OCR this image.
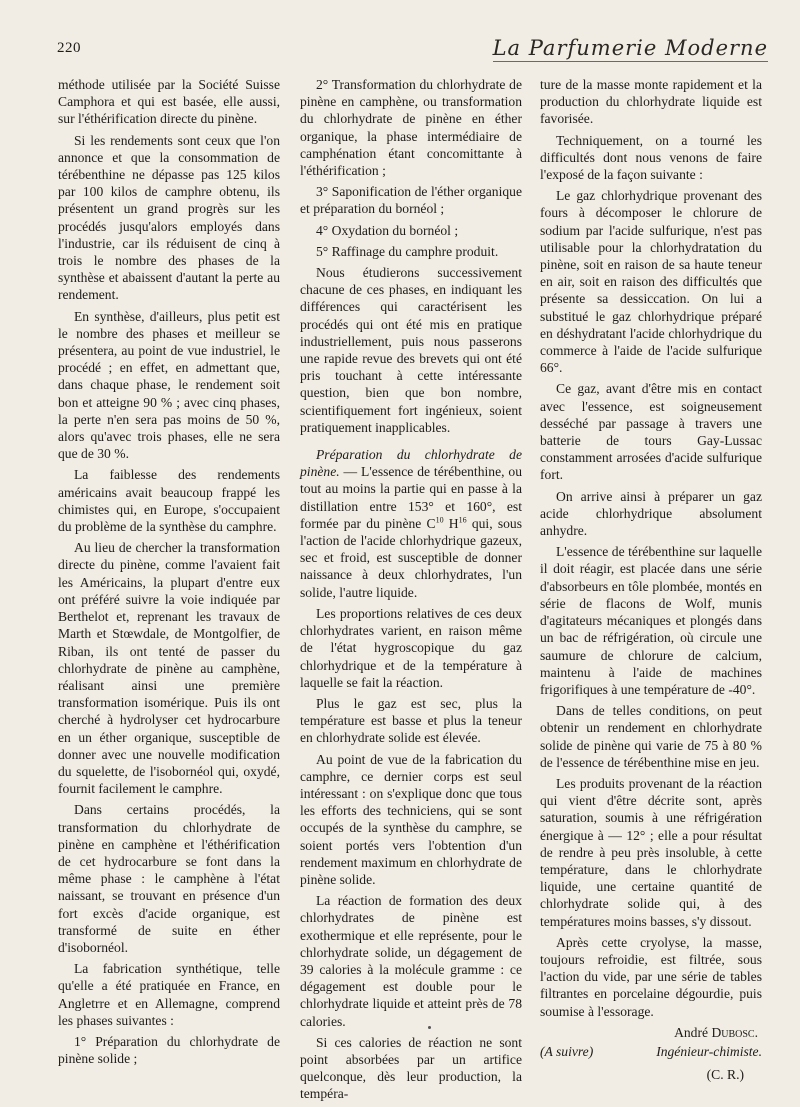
220	La Parfumerie Moderne

méthode utilisée par la Société Suisse Camphora et qui est basée, elle aussi, sur l'éthérification directe du pinène.

Si les rendements sont ceux que l'on annonce et que la consommation de térébenthine ne dépasse pas 125 kilos par 100 kilos de camphre obtenu, ils présentent un grand progrès sur les procédés jusqu'alors employés dans l'industrie, car ils réduisent de cinq à trois le nombre des phases de la synthèse et abaissent d'autant la perte au rendement.

En synthèse, d'ailleurs, plus petit est le nombre des phases et meilleur se présentera, au point de vue industriel, le procédé ; en effet, en admettant que, dans chaque phase, le rendement soit bon et atteigne 90 % ; avec cinq phases, la perte n'en sera pas moins de 50 %, alors qu'avec trois phases, elle ne sera que de 30 %.

La faiblesse des rendements américains avait beaucoup frappé les chimistes qui, en Europe, s'occupaient du problème de la synthèse du camphre.

Au lieu de chercher la transformation directe du pinène, comme l'avaient fait les Américains, la plupart d'entre eux ont préféré suivre la voie indiquée par Berthelot et, reprenant les travaux de Marth et Stœwdale, de Montgolfier, de Riban, ils ont tenté de passer du chlorhydrate de pinène au camphène, réalisant ainsi une première transformation isomérique. Puis ils ont cherché à hydrolyser cet hydrocarbure en un éther organique, susceptible de donner avec une nouvelle modification du squelette, de l'isobornéol qui, oxydé, fournit facilement le camphre.

Dans certains procédés, la transformation du chlorhydrate de pinène en camphène et l'éthérification de cet hydrocarbure se font dans la même phase : le camphène à l'état naissant, se trouvant en présence d'un fort excès d'acide organique, est transformé de suite en éther d'isobornéol.

La fabrication synthétique, telle qu'elle a été pratiquée en France, en Angletrre et en Allemagne, comprend les phases suivantes :

1° Préparation du chlorhydrate de pinène solide ;

2° Transformation du chlorhydrate de pinène en camphène, ou transformation du chlorhydrate de pinène en éther organique, la phase intermédiaire de camphénation étant concomittante à l'éthérification ;

3° Saponification de l'éther organique et préparation du bornéol ;

4° Oxydation du bornéol ;

5° Raffinage du camphre produit.

Nous étudierons successivement chacune de ces phases, en indiquant les différences qui caractérisent les procédés qui ont été mis en pratique industriellement, puis nous passerons une rapide revue des brevets qui ont été pris touchant à cette intéressante question, bien que bon nombre, scientifiquement fort ingénieux, soient pratiquement inapplicables.

Préparation du chlorhydrate de pinène. — L'essence de térébenthine, ou tout au moins la partie qui en passe à la distillation entre 153° et 160°, est formée par du pinène $C^{10}$ $H^{16}$ qui, sous l'action de l'acide chlorhydrique gazeux, sec et froid, est susceptible de donner naissance à deux chlorhydrates, l'un solide, l'autre liquide.

Les proportions relatives de ces deux chlorhydrates varient, en raison même de l'état hygroscopique du gaz chlorhydrique et de la température à laquelle se fait la réaction.

Plus le gaz est sec, plus la température est basse et plus la teneur en chlorhydrate solide est élevée.

Au point de vue de la fabrication du camphre, ce dernier corps est seul intéressant : on s'explique donc que tous les efforts des techniciens, qui se sont occupés de la synthèse du camphre, se soient portés vers l'obtention d'un rendement maximum en chlorhydrate de pinène solide.

La réaction de formation des deux chlorhydrates de pinène est exothermique et elle représente, pour le chlorhydrate solide, un dégagement de 39 calories à la molécule gramme : ce dégagement est double pour le chlorhydrate liquide et atteint près de 78 calories.

Si ces calories de réaction ne sont point absorbées par un artifice quelconque, dès leur production, la tempéra-

ture de la masse monte rapidement et la production du chlorhydrate liquide est favorisée.

Techniquement, on a tourné les difficultés dont nous venons de faire l'exposé de la façon suivante :

Le gaz chlorhydrique provenant des fours à décomposer le chlorure de sodium par l'acide sulfurique, n'est pas utilisable pour la chlorhydratation du pinène, soit en raison de sa haute teneur en air, soit en raison des difficultés que présente sa dessiccation. On lui a substitué le gaz chlorhydrique préparé en déshydratant l'acide chlorhydrique du commerce à l'aide de l'acide sulfurique 66°.

Ce gaz, avant d'être mis en contact avec l'essence, est soigneusement desséché par passage à travers une batterie de tours Gay-Lussac constamment arrosées d'acide sulfurique fort.

On arrive ainsi à préparer un gaz acide chlorhydrique absolument anhydre.

L'essence de térébenthine sur laquelle il doit réagir, est placée dans une série d'absorbeurs en tôle plombée, montés en série de flacons de Wolf, munis d'agitateurs mécaniques et plongés dans un bac de réfrigération, où circule une saumure de chlorure de calcium, maintenu à l'aide de machines frigorifiques à une température de -40°.

Dans de telles conditions, on peut obtenir un rendement en chlorhydrate solide de pinène qui varie de 75 à 80 % de l'essence de térébenthine mise en jeu.

Les produits provenant de la réaction qui vient d'être décrite sont, après saturation, soumis à une réfrigération énergique à — 12° ; elle a pour résultat de rendre à peu près insoluble, à cette température, dans le chlorhydrate liquide, une certaine quantité de chlorhydrate solide qui, à des températures moins basses, s'y dissout.

Après cette cryolyse, la masse, toujours refroidie, est filtrée, sous l'action du vide, par une série de tables filtrantes en porcelaine dégourdie, puis soumise à l'essorage.

André Dubosc.
(A suivre)	Ingénieur-chimiste.
(C. R.)
